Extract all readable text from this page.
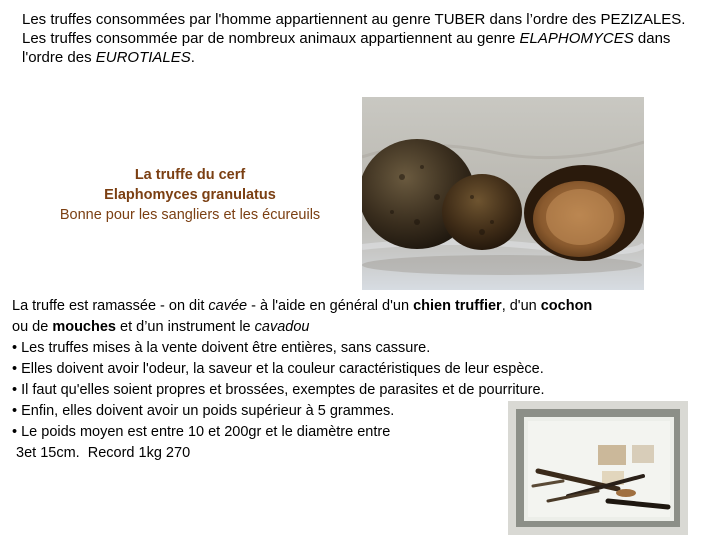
Les truffes consommées par l'homme appartiennent au genre TUBER dans l’ordre des PEZIZALES.

Les truffes consommée par de nombreux animaux appartiennent au genre ELAPHOMYCES dans l'ordre des EUROTIALES.

La truffe du cerf
Elaphomyces granulatus
Bonne pour les sangliers et les écureuils

La truffe est ramassée - on dit cavée - à l'aide en général d'un chien truffier, d'un cochon
ou de mouches et d’un instrument le cavadou

• Les truffes mises à la vente doivent être entières, sans cassure.
• Elles doivent avoir l'odeur, la saveur et la couleur caractéristiques de leur espèce.
• Il faut qu'elles soient propres et brossées, exemptes de parasites et de pourriture.
• Enfin, elles doivent avoir un poids supérieur à 5 grammes.
• Le poids moyen est entre 10 et 200gr et le diamètre entre
3et 15cm.  Record 1kg 270
